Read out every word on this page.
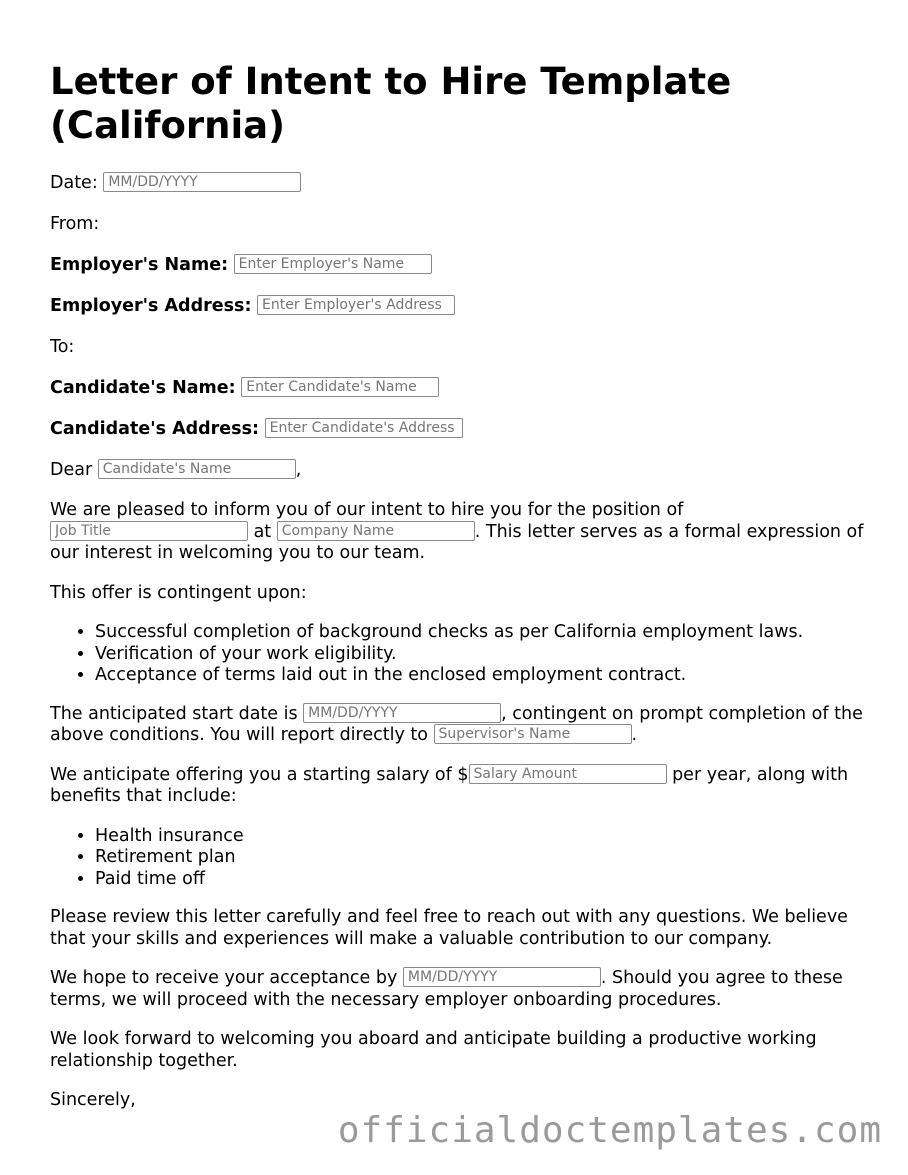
Letter of Intent to Hire Template (California)

Date: MM/DD/YYYY

From:

Employer's Name: Enter Employer's Name

Employer's Address: Enter Employer's Address

To:

Candidate's Name: Enter Candidate's Name

Candidate's Address: Enter Candidate's Address

Dear Candidate's Name	,

We are pleased to inform you of our intent to hire you for the position of Job Title at Company Name	. This letter serves as a formal expression of our interest in welcoming you to our team.

This offer is contingent upon:

• Successful completion of background checks as per California employment laws.
• Verification of your work eligibility.
• Acceptance of terms laid out in the enclosed employment contract.

The anticipated start date is MM/DD/YYYY	, contingent on prompt completion of the above conditions. You will report directly to Supervisor's Name	.

We anticipate offering you a starting salary of $Salary Amount	per year, along with benefits that include:

• Health insurance
• Retirement plan
• Paid time off

Please review this letter carefully and feel free to reach out with any questions. We believe that your skills and experiences will make a valuable contribution to our company.

We hope to receive your acceptance by MM/DD/YYYY	. Should you agree to these terms, we will proceed with the necessary employer onboarding procedures.

We look forward to welcoming you aboard and anticipate building a productive working relationship together.

Sincerely,

officialdoctemplates.com
